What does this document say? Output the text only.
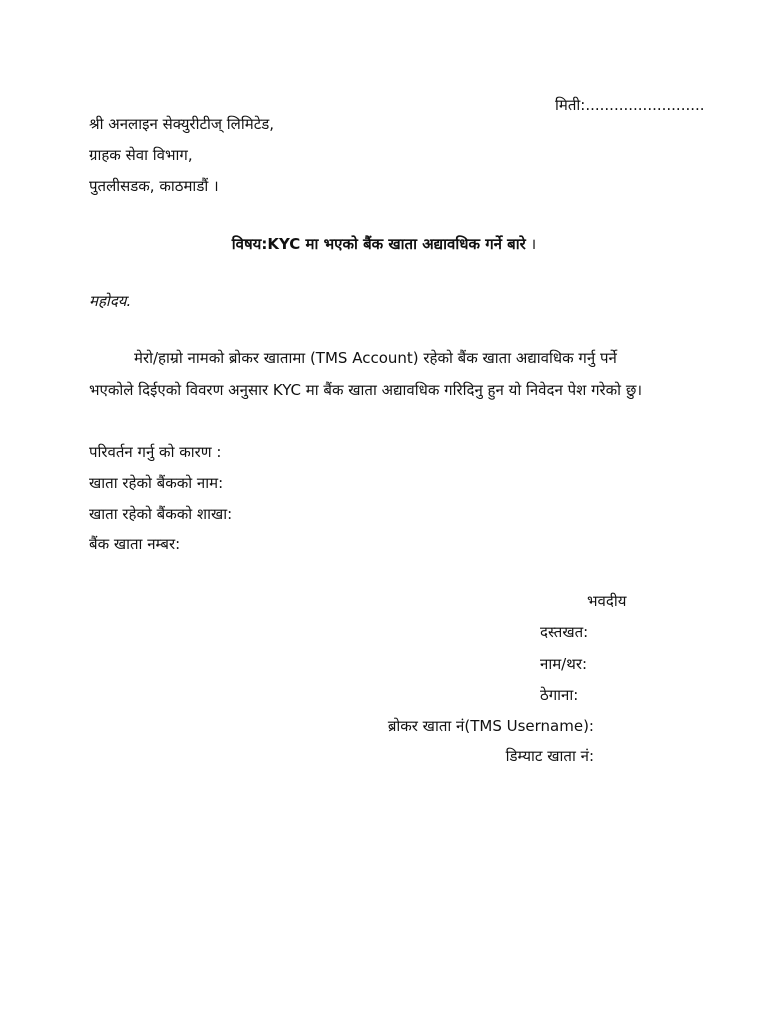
मिती:.........................
श्री अनलाइन सेक्युरीटीज् लिमिटेड,
ग्राहक सेवा विभाग,
पुतलीसडक, काठमाडौं ।
विषय:KYC मा भएको बैंक खाता अद्यावधिक गर्ने बारे ।
महोदय.
मेरो/हाम्रो नामको ब्रोकर खातामा (TMS Account) रहेको बैंक खाता अद्यावधिक गर्नु पर्ने
भएकोले दिईएको विवरण अनुसार KYC मा बैंक खाता अद्यावधिक गरिदिनु हुन यो निवेदन पेश गरेको छु।
परिवर्तन गर्नु को कारण :
खाता रहेको बैंकको नाम:
खाता रहेको बैंकको शाखा:
बैंक खाता नम्बर:
भवदीय
दस्तखत:
नाम/थर:
ठेगाना:
ब्रोकर खाता नं(TMS Username):
डिम्याट खाता नं:
